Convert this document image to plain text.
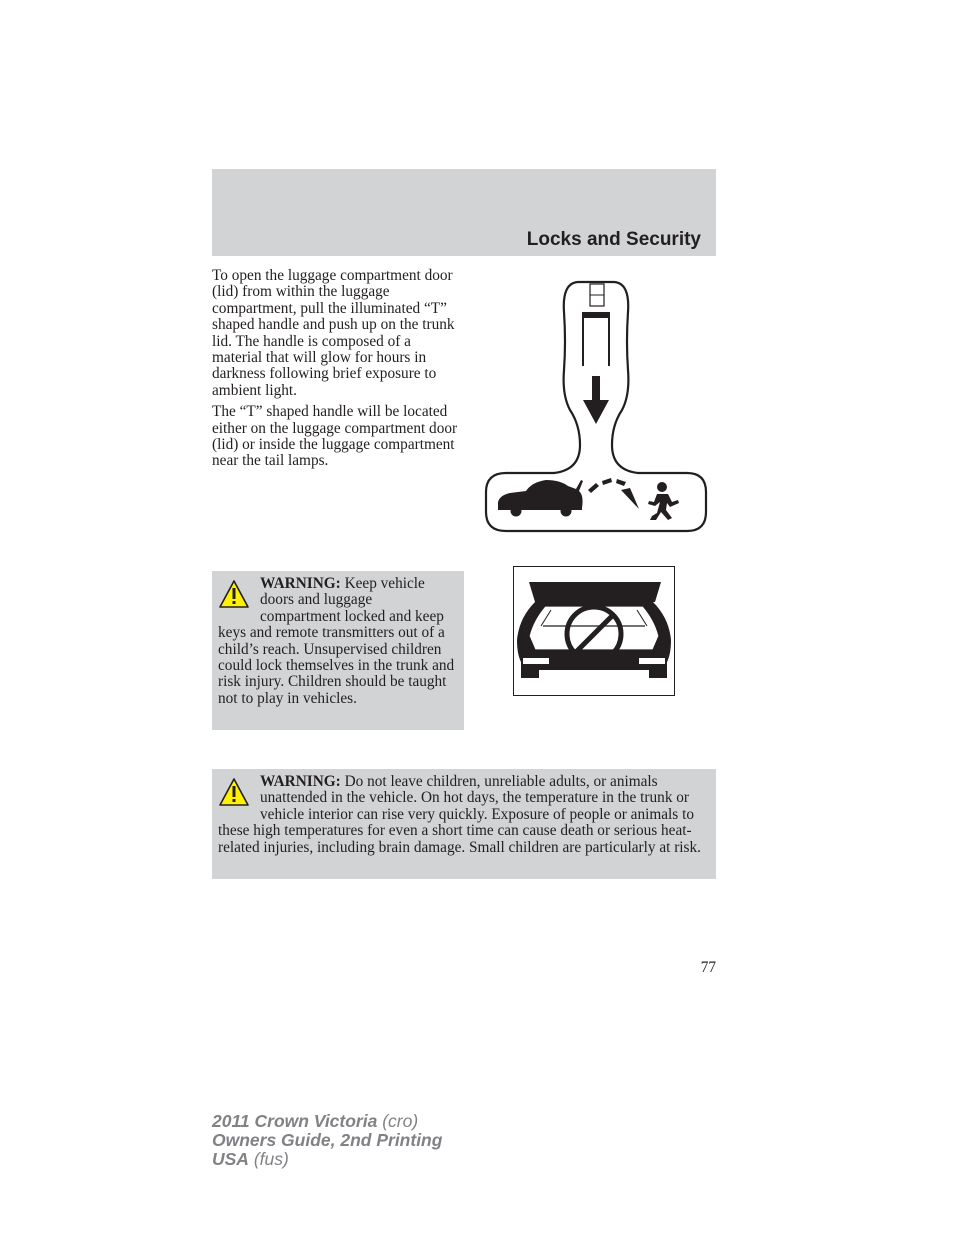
Locks and Security

To open the luggage compartment door (lid) from within the luggage compartment, pull the illuminated “T” shaped handle and push up on the trunk lid. The handle is composed of a material that will glow for hours in darkness following brief exposure to ambient light.

The “T” shaped handle will be located either on the luggage compartment door (lid) or inside the luggage compartment near the tail lamps.

WARNING: Keep vehicle doors and luggage compartment locked and keep keys and remote transmitters out of a child’s reach. Unsupervised children could lock themselves in the trunk and risk injury. Children should be taught not to play in vehicles.
WARNING: Do not leave children, unreliable adults, or animals unattended in the vehicle. On hot days, the temperature in the trunk or vehicle interior can rise very quickly. Exposure of people or animals to these high temperatures for even a short time can cause death or serious heat-related injuries, including brain damage. Small children are particularly at risk.
77
2011 Crown Victoria (cro)
Owners Guide, 2nd Printing
USA (fus)
